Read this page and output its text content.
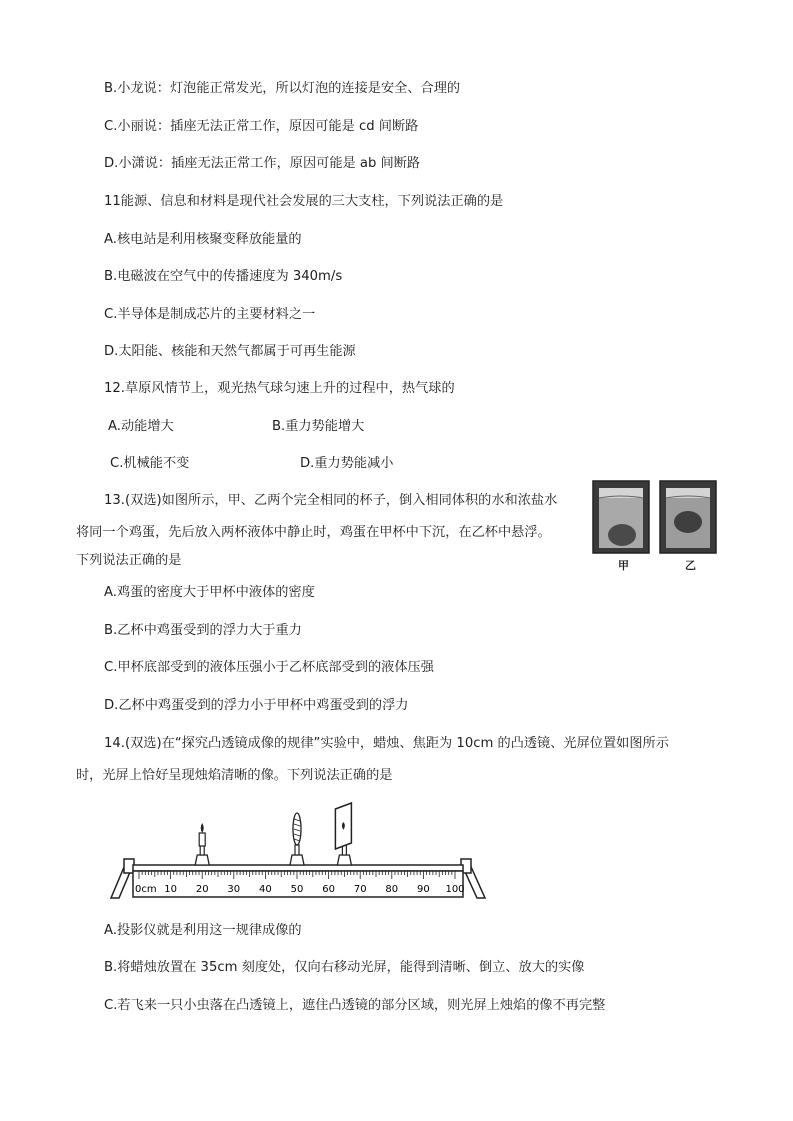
B.小龙说：灯泡能正常发光，所以灯泡的连接是安全、合理的
C.小丽说：插座无法正常工作，原因可能是 cd 间断路
D.小潇说：插座无法正常工作，原因可能是 ab 间断路
11能源、信息和材料是现代社会发展的三大支柱，下列说法正确的是
A.核电站是利用核聚变释放能量的
B.电磁波在空气中的传播速度为 340m/s
C.半导体是制成芯片的主要材料之一
D.太阳能、核能和天然气都属于可再生能源
12.草原风情节上，观光热气球匀速上升的过程中，热气球的
A.动能增大	B.重力势能增大
C.机械能不变	D.重力势能减小
13.(双选)如图所示，甲、乙两个完全相同的杯子，倒入相同体积的水和浓盐水
将同一个鸡蛋，先后放入两杯液体中静止时，鸡蛋在甲杯中下沉，在乙杯中悬浮。
下列说法正确的是	甲	乙
A.鸡蛋的密度大于甲杯中液体的密度
B.乙杯中鸡蛋受到的浮力大于重力
C.甲杯底部受到的液体压强小于乙杯底部受到的液体压强
D.乙杯中鸡蛋受到的浮力小于甲杯中鸡蛋受到的浮力
14.(双选)在“探究凸透镜成像的规律”实验中，蜡烛、焦距为 10cm 的凸透镜、光屏位置如图所示
时，光屏上恰好呈现烛焰清晰的像。下列说法正确的是
0cm 10 20 30 40 50 60 70 80 90 100
A.投影仪就是利用这一规律成像的
B.将蜡烛放置在 35cm 刻度处，仅向右移动光屏，能得到清晰、倒立、放大的实像
C.若飞来一只小虫落在凸透镜上，遮住凸透镜的部分区域，则光屏上烛焰的像不再完整
